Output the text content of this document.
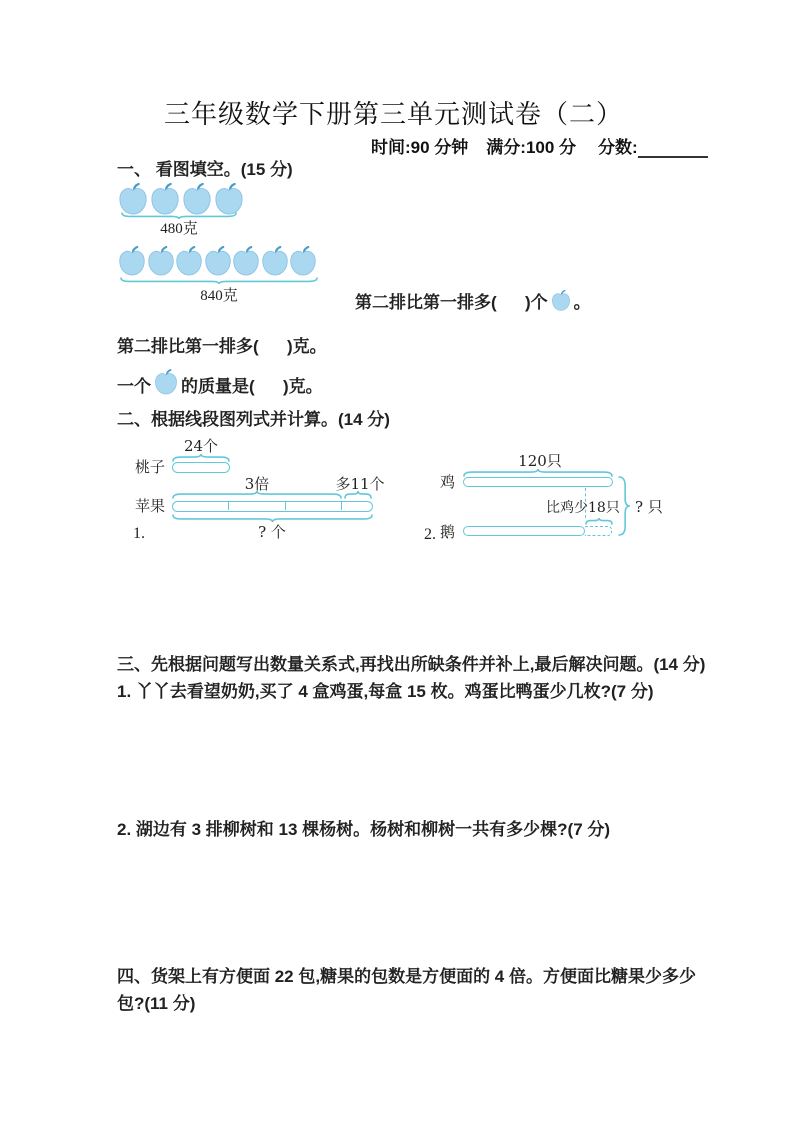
三年级数学下册第三单元测试卷（二）
时间:90 分钟 满分:100 分 分数:
一、 看图填空。(15 分)
480克
840克	第二排比第一排多(      )个 。
第二排比第一排多(      )克。
一个 的质量是(      )克。
二、根据线段图列式并计算。(14 分)
24个
桃子
3倍	多11个
苹果
? 个
1.
120只
鸡
比鸡少18只
鹅
? 只
2.
三、先根据问题写出数量关系式,再找出所缺条件并补上,最后解决问题。(14 分)
1. 丫丫去看望奶奶,买了 4 盒鸡蛋,每盒 15 枚。鸡蛋比鸭蛋少几枚?(7 分)
2. 湖边有 3 排柳树和 13 棵杨树。杨树和柳树一共有多少棵?(7 分)
四、货架上有方便面 22 包,糖果的包数是方便面的 4 倍。方便面比糖果少多少
包?(11 分)
